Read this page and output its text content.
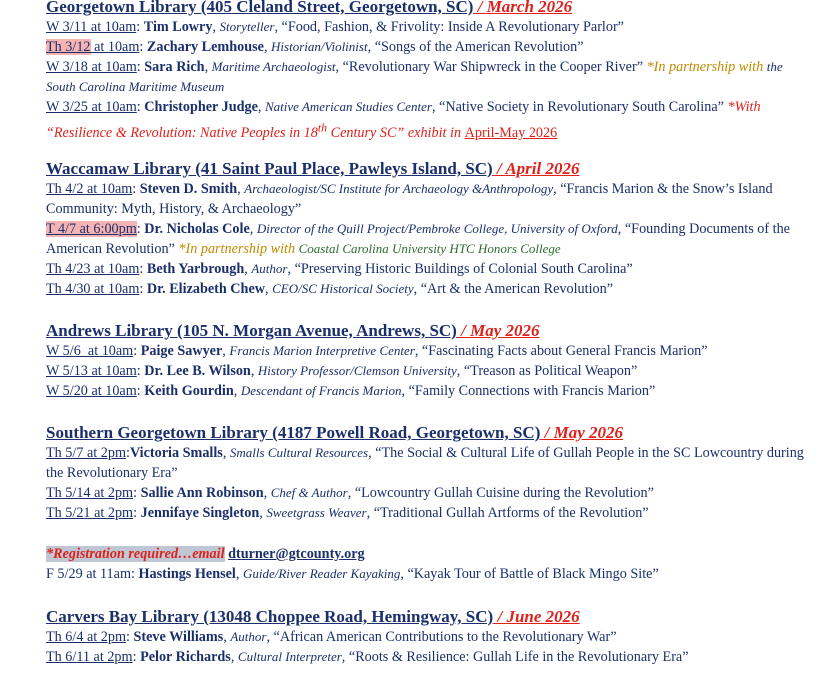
Georgetown Library (405 Cleland Street, Georgetown, SC) / March 2026

W 3/11 at 10am: Tim Lowry, Storyteller, “Food, Fashion, & Frivolity: Inside A Revolutionary Parlor”

Th 3/12 at 10am: Zachary Lemhouse, Historian/Violinist, “Songs of the American Revolution”

W 3/18 at 10am: Sara Rich, Maritime Archaeologist, “Revolutionary War Shipwreck in the Cooper River” *In partnership with the South Carolina Maritime Museum

W 3/25 at 10am: Christopher Judge, Native American Studies Center, “Native Society in Revolutionary South Carolina” *With “Resilience & Revolution: Native Peoples in 18th Century SC” exhibit in April-May 2026

Waccamaw Library (41 Saint Paul Place, Pawleys Island, SC) / April 2026

Th 4/2 at 10am: Steven D. Smith, Archaeologist/SC Institute for Archaeology &Anthropology, “Francis Marion & the Snow’s Island Community: Myth, History, & Archaeology”

T 4/7 at 6:00pm: Dr. Nicholas Cole, Director of the Quill Project/Pembroke College, University of Oxford, “Founding Documents of the American Revolution” *In partnership with Coastal Carolina University HTC Honors College

Th 4/23 at 10am: Beth Yarbrough, Author, “Preserving Historic Buildings of Colonial South Carolina”

Th 4/30 at 10am: Dr. Elizabeth Chew, CEO/SC Historical Society, “Art & the American Revolution”

Andrews Library (105 N. Morgan Avenue, Andrews, SC) / May 2026

W 5/6  at 10am: Paige Sawyer, Francis Marion Interpretive Center, “Fascinating Facts about General Francis Marion”

W 5/13 at 10am: Dr. Lee B. Wilson, History Professor/Clemson University, “Treason as Political Weapon”

W 5/20 at 10am: Keith Gourdin, Descendant of Francis Marion, “Family Connections with Francis Marion”

Southern Georgetown Library (4187 Powell Road, Georgetown, SC) / May 2026

Th 5/7 at 2pm:Victoria Smalls, Smalls Cultural Resources, “The Social & Cultural Life of Gullah People in the SC Lowcountry during the Revolutionary Era”

Th 5/14 at 2pm: Sallie Ann Robinson, Chef & Author, “Lowcountry Gullah Cuisine during the Revolution”

Th 5/21 at 2pm: Jennifaye Singleton, Sweetgrass Weaver, “Traditional Gullah Artforms of the Revolution”

*Registration required…email dturner@gtcounty.org

F 5/29 at 11am: Hastings Hensel, Guide/River Reader Kayaking, “Kayak Tour of Battle of Black Mingo Site”

Carvers Bay Library (13048 Choppee Road, Hemingway, SC) / June 2026

Th 6/4 at 2pm: Steve Williams, Author, “African American Contributions to the Revolutionary War”

Th 6/11 at 2pm: Pelor Richards, Cultural Interpreter, “Roots & Resilience: Gullah Life in the Revolutionary Era”
